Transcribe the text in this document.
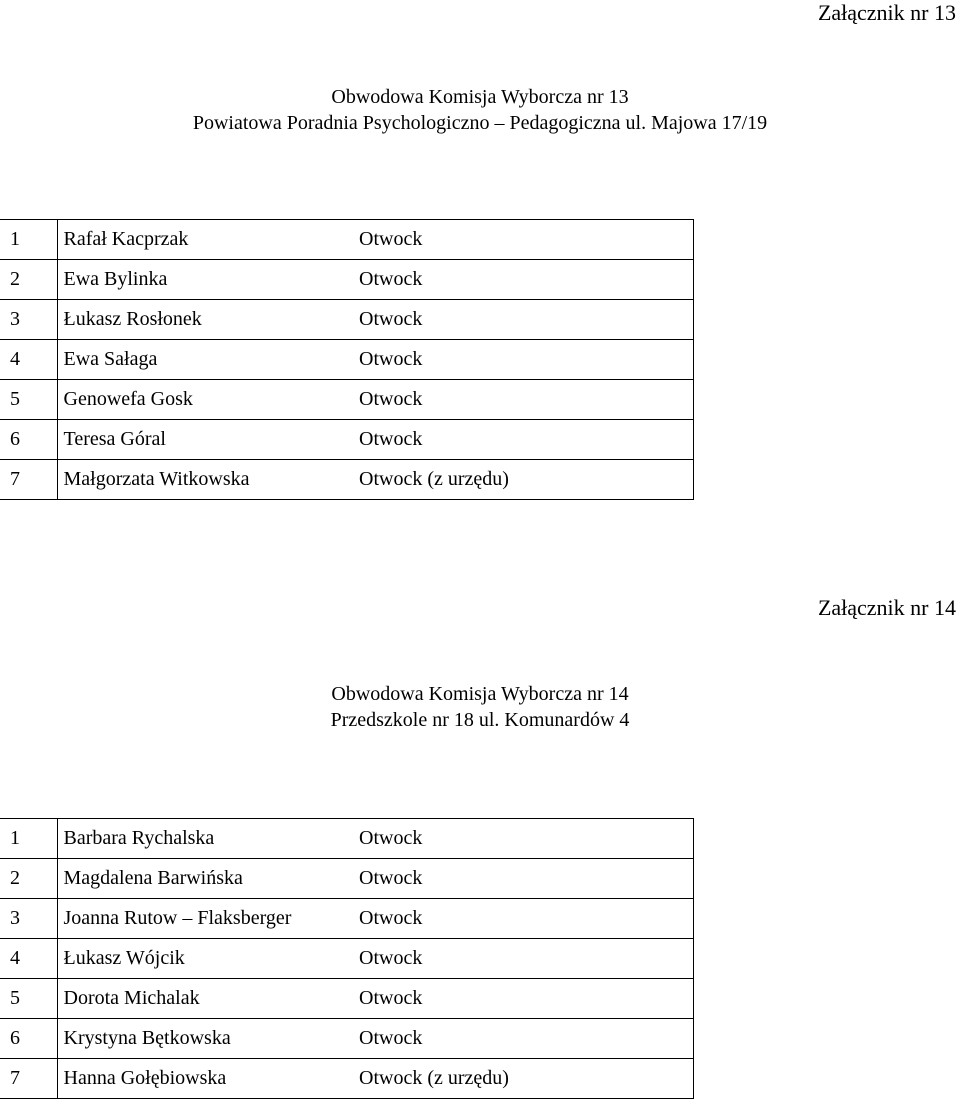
Załącznik nr 13
Obwodowa Komisja Wyborcza nr 13
Powiatowa Poradnia Psychologiczno – Pedagogiczna ul. Majowa 17/19
1	Rafał Kacprzak	Otwock
2	Ewa Bylinka	Otwock
3	Łukasz Rosłonek	Otwock
4	Ewa Sałaga	Otwock
5	Genowefa Gosk	Otwock
6	Teresa Góral	Otwock
7	Małgorzata Witkowska	Otwock (z urzędu)
Załącznik nr 14
Obwodowa Komisja Wyborcza nr 14
Przedszkole nr 18 ul. Komunardów 4
1	Barbara Rychalska	Otwock
2	Magdalena Barwińska	Otwock
3	Joanna Rutow – Flaksberger	Otwock
4	Łukasz Wójcik	Otwock
5	Dorota Michalak	Otwock
6	Krystyna Bętkowska	Otwock
7	Hanna Gołębiowska	Otwock (z urzędu)
